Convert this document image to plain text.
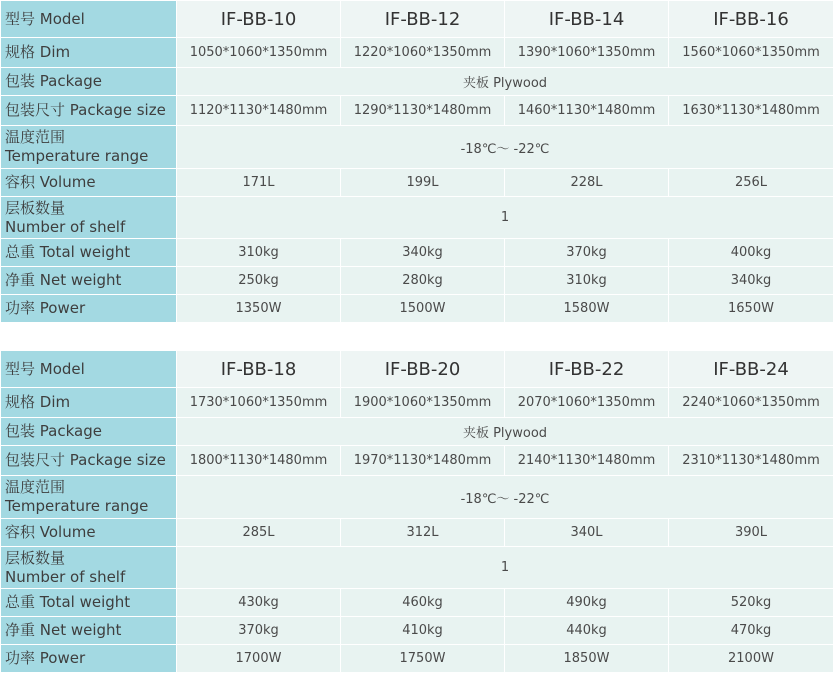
型号 Model	IF-BB-10	IF-BB-12	IF-BB-14	IF-BB-16
规格 Dim	1050*1060*1350mm	1220*1060*1350mm	1390*1060*1350mm	1560*1060*1350mm
包装 Package	夹板 Plywood			
包装尺寸 Package size	1120*1130*1480mm	1290*1130*1480mm	1460*1130*1480mm	1630*1130*1480mm

温度范围
Temperature range	-18℃～ -22℃			
容积 Volume	171L	199L	228L	256L

层板数量
Number of shelf	1			
总重 Total weight	310kg	340kg	370kg	400kg
净重 Net weight	250kg	280kg	310kg	340kg
功率 Power	1350W	1500W	1580W	1650W
型号 Model	IF-BB-18	IF-BB-20	IF-BB-22	IF-BB-24
规格 Dim	1730*1060*1350mm	1900*1060*1350mm	2070*1060*1350mm	2240*1060*1350mm
包装 Package	夹板 Plywood			
包装尺寸 Package size	1800*1130*1480mm	1970*1130*1480mm	2140*1130*1480mm	2310*1130*1480mm

温度范围
Temperature range	-18℃～ -22℃			
容积 Volume	285L	312L	340L	390L

层板数量
Number of shelf	1			
总重 Total weight	430kg	460kg	490kg	520kg
净重 Net weight	370kg	410kg	440kg	470kg
功率 Power	1700W	1750W	1850W	2100W
